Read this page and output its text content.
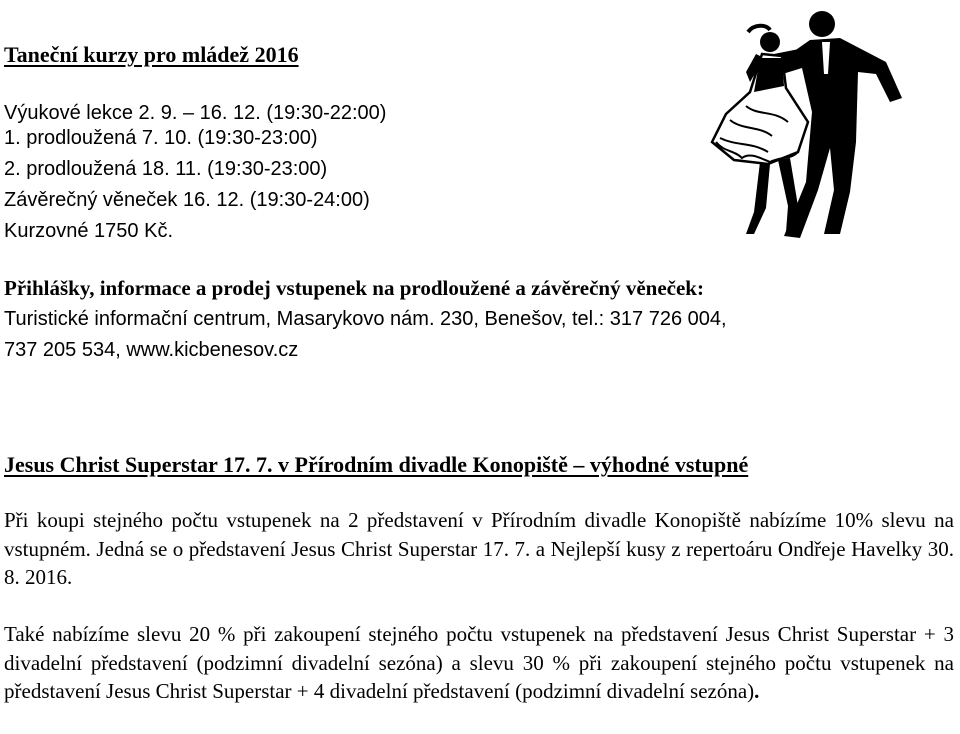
Taneční kurzy pro mládež 2016
Výukové lekce 2. 9. – 16. 12. (19:30-22:00)
1. prodloužená 7. 10. (19:30-23:00)
2. prodloužená 18. 11. (19:30-23:00)
Závěrečný věneček 16. 12. (19:30-24:00)
Kurzovné 1750 Kč.
Přihlášky, informace a prodej vstupenek na prodloužené a závěrečný věneček:
Turistické informační centrum, Masarykovo nám. 230, Benešov, tel.: 317 726 004,
737 205 534, www.kicbenesov.cz
Jesus Christ Superstar 17. 7. v Přírodním divadle Konopiště – výhodné vstupné
Při koupi stejného počtu vstupenek na 2 představení v Přírodním divadle Konopiště nabízíme 10% slevu na vstupném. Jedná se o představení Jesus Christ Superstar 17. 7. a Nejlepší kusy z repertoáru Ondřeje Havelky 30. 8. 2016.
Také nabízíme slevu 20 % při zakoupení stejného počtu vstupenek na představení Jesus Christ Superstar + 3 divadelní představení (podzimní divadelní sezóna) a slevu 30 % při zakoupení stejného počtu vstupenek na představení Jesus Christ Superstar + 4 divadelní představení (podzimní divadelní sezóna).
